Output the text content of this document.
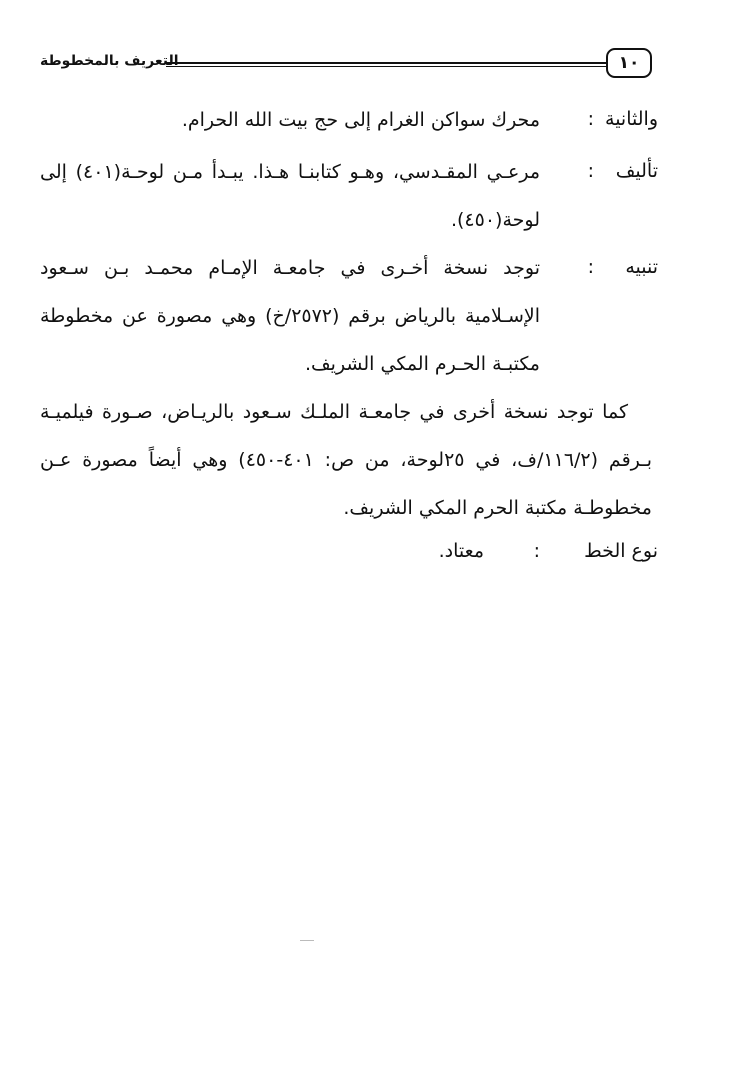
١٠
التعريف بالمخطوطة
والثانية
:
محرك سواكن الغرام إلى حج بيت الله الحرام.
تأليف
:
مرعـي المقـدسي، وهـو كتابنـا هـذا. يبـدأ مـن لوحـة(٤٠١) إلى لوحة(٤٥٠).
تنبيه
:
توجد نسخة أخـرى في جامعـة الإمـام محمـد بـن سـعود الإسـلامية بالرياض برقم (٢٥٧٢/خ) وهي مصورة عن مخطوطة مكتبـة الحـرم المكي الشريف.
كما توجد نسخة أخرى في جامعـة الملـك سـعود بالريـاض، صـورة فيلميـة بـرقم (١١٦/٢/ف، في ٢٥لوحة، من ص: ٤٠١-٤٥٠) وهي أيضاً مصورة عـن مخطوطـة مكتبة الحرم المكي الشريف.
نوع الخط
:
معتاد.
